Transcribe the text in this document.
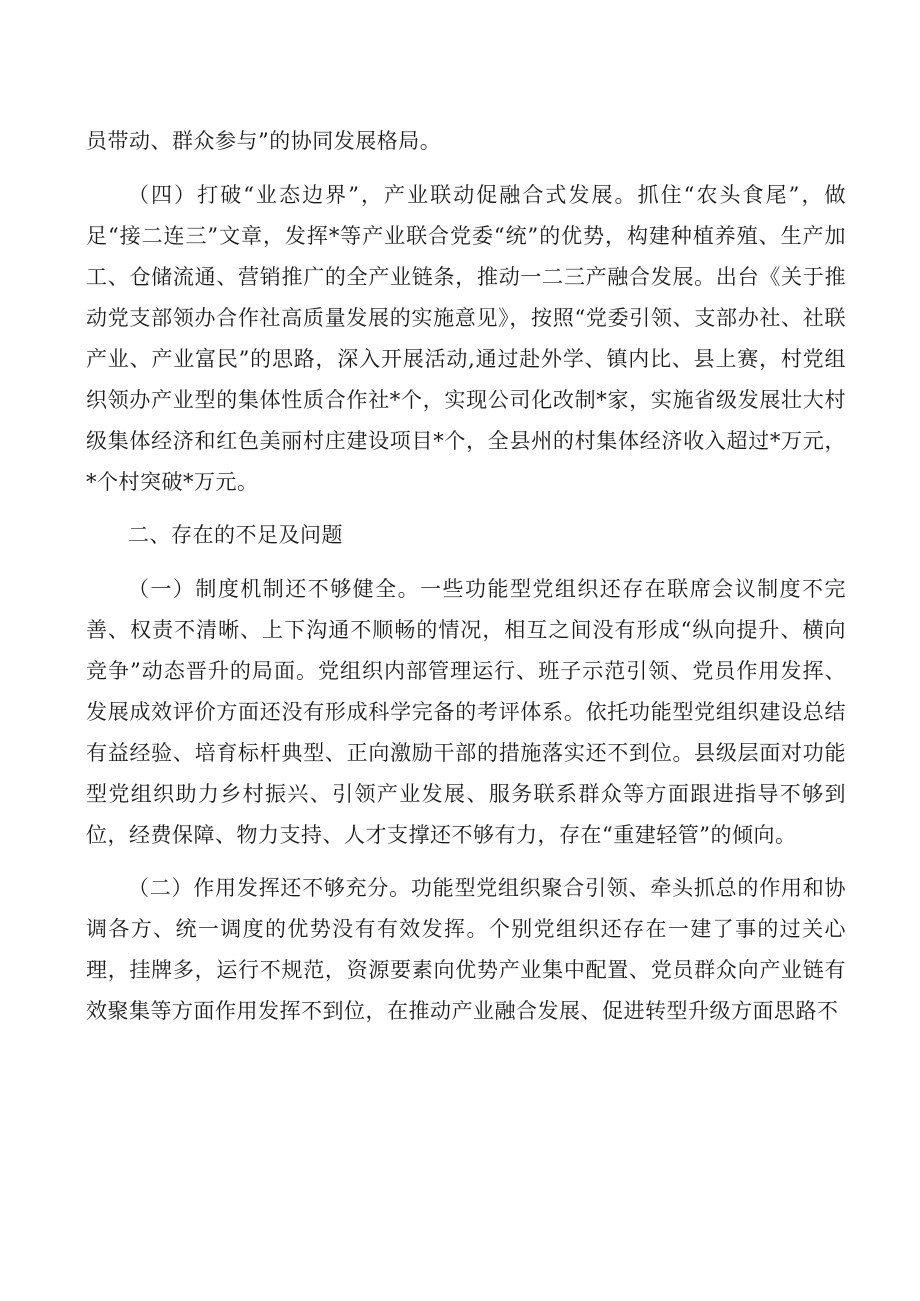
员带动、群众参与”的协同发展格局。

（四）打破“业态边界”，产业联动促融合式发展。抓住“农头食尾”，做足“接二连三”文章，发挥*等产业联合党委“统”的优势，构建种植养殖、生产加工、仓储流通、营销推广的全产业链条，推动一二三产融合发展。出台《关于推动党支部领办合作社高质量发展的实施意见》，按照“党委引领、支部办社、社联产业、产业富民”的思路，深入开展活动,通过赴外学、镇内比、县上赛，村党组织领办产业型的集体性质合作社*个，实现公司化改制*家，实施省级发展壮大村级集体经济和红色美丽村庄建设项目*个，全县州的村集体经济收入超过*万元，*个村突破*万元。

二、存在的不足及问题

（一）制度机制还不够健全。一些功能型党组织还存在联席会议制度不完善、权责不清晰、上下沟通不顺畅的情况，相互之间没有形成“纵向提升、横向竞争”动态晋升的局面。党组织内部管理运行、班子示范引领、党员作用发挥、发展成效评价方面还没有形成科学完备的考评体系。依托功能型党组织建设总结有益经验、培育标杆典型、正向激励干部的措施落实还不到位。县级层面对功能型党组织助力乡村振兴、引领产业发展、服务联系群众等方面跟进指导不够到位，经费保障、物力支持、人才支撑还不够有力，存在“重建轻管”的倾向。

（二）作用发挥还不够充分。功能型党组织聚合引领、牵头抓总的作用和协调各方、统一调度的优势没有有效发挥。个别党组织还存在一建了事的过关心理，挂牌多，运行不规范，资源要素向优势产业集中配置、党员群众向产业链有效聚集等方面作用发挥不到位，在推动产业融合发展、促进转型升级方面思路不
